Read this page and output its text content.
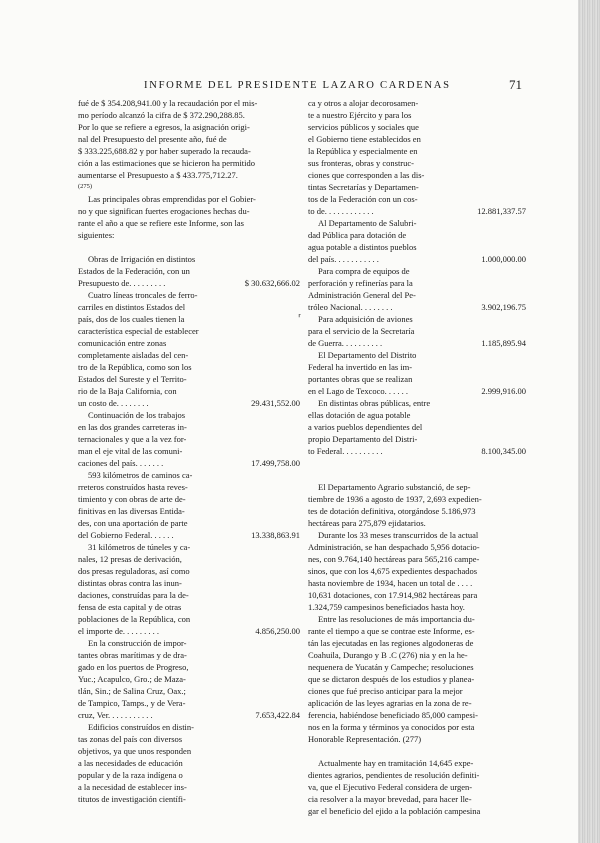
INFORME DEL PRESIDENTE LAZARO CARDENAS	71
⸢
fué de $ 354.208,941.00 y la recaudación por el mis-
mo período alcanzó la cifra de $ 372.290,288.85.
Por lo que se refiere a egresos, la asignación origi-
nal del Presupuesto del presente año, fué de
$ 333.225,688.82 y por haber superado la recauda-
ción a las estimaciones que se hicieron ha permitido
aumentarse el Presupuesto a $ 433.775,712.27.
(275)
Las principales obras emprendidas por el Gobier-
no y que significan fuertes erogaciones hechas du-
rante el año a que se refiere este Informe, son las
siguientes:

Obras de Irrigación en distintos
Estados de la Federación, con un
Presupuesto de. . . . . . . . .	$ 30.632,666.02
Cuatro líneas troncales de ferro-
carriles en distintos Estados del
país, dos de los cuales tienen la
característica especial de establecer
comunicación entre zonas
completamente aisladas del cen-
tro de la República, como son los
Estados del Sureste y el Territo-
rio de la Baja California, con
un costo de. . . . . . . .	29.431,552.00
Continuación de los trabajos
en las dos grandes carreteras in-
ternacionales y que a la vez for-
man el eje vital de las comuni-
caciones del país. . . . . . .	17.499,758.00
593 kilómetros de caminos ca-
rreteros construídos hasta reves-
timiento y con obras de arte de-
finitivas en las diversas Entida-
des, con una aportación de parte
del Gobierno Federal. . . . . .	13.338,863.91
31 kilómetros de túneles y ca-
nales, 12 presas de derivación,
dos presas reguladoras, así como
distintas obras contra las inun-
daciones, construídas para la de-
fensa de esta capital y de otras
poblaciones de la República, con
el importe de. . . . . . . . .	4.856,250.00
En la construcción de impor-
tantes obras marítimas y de dra-
gado en los puertos de Progreso,
Yuc.; Acapulco, Gro.; de Maza-
tlán, Sin.; de Salina Cruz, Oax.;
de Tampico, Tamps., y de Vera-
cruz, Ver. . . . . . . . . . .	7.653,422.84
Edificios construídos en distin-
tas zonas del país con diversos
objetivos, ya que unos responden
a las necesidades de educación
popular y de la raza indígena o
a la necesidad de establecer ins-
titutos de investigación científi-
ca y otros a alojar decorosamen-
te a nuestro Ejército y para los
servicios públicos y sociales que
el Gobierno tiene establecidos en
la República y especialmente en
sus fronteras, obras y construc-
ciones que corresponden a las dis-
tintas Secretarías y Departamen-
tos de la Federación con un cos-
to de. . . . . . . . . . . .	12.881,337.57
Al Departamento de Salubri-
dad Pública para dotación de
agua potable a distintos pueblos
del país. . . . . . . . . . .	1.000,000.00
Para compra de equipos de
perforación y refinerías para la
Administración General del Pe-
tróleo Nacional. . . . . . . .	3.902,196.75
Para adquisición de aviones
para el servicio de la Secretaría
de Guerra. . . . . . . . . .	1.185,895.94
El Departamento del Distrito
Federal ha invertido en las im-
portantes obras que se realizan
en el Lago de Texcoco. . . . . .	2.999,916.00
En distintas obras públicas, entre
ellas dotación de agua potable
a varios pueblos dependientes del
propio Departamento del Distri-
to Federal. . . . . . . . . .	8.100,345.00

El Departamento Agrario substanció, de sep-
tiembre de 1936 a agosto de 1937, 2,693 expedien-
tes de dotación definitiva, otorgándose 5.186,973
hectáreas para 275,879 ejidatarios.
Durante los 33 meses transcurridos de la actual
Administración, se han despachado 5,956 dotacio-
nes, con 9.764,140 hectáreas para 565,216 campe-
sinos, que con los 4,675 expedientes despachados
hasta noviembre de 1934, hacen un total de . . . .
10,631 dotaciones, con 17.914,982 hectáreas para
1.324,759 campesinos beneficiados hasta hoy.
Entre las resoluciones de más importancia du-
rante el tiempo a que se contrae este Informe, es-
tán las ejecutadas en las regiones algodoneras de
Coahuila, Durango y B .C (276) nia y en la he-
nequenera de Yucatán y Campeche; resoluciones
que se dictaron después de los estudios y planea-
ciones que fué preciso anticipar para la mejor
aplicación de las leyes agrarias en la zona de re-
ferencia, habiéndose beneficiado 85,000 campesi-
nos en la forma y términos ya conocidos por esta
Honorable Representación. (277)

Actualmente hay en tramitación 14,645 expe-
dientes agrarios, pendientes de resolución definiti-
va, que el Ejecutivo Federal considera de urgen-
cia resolver a la mayor brevedad, para hacer lle-
gar el beneficio del ejido a la población campesina
